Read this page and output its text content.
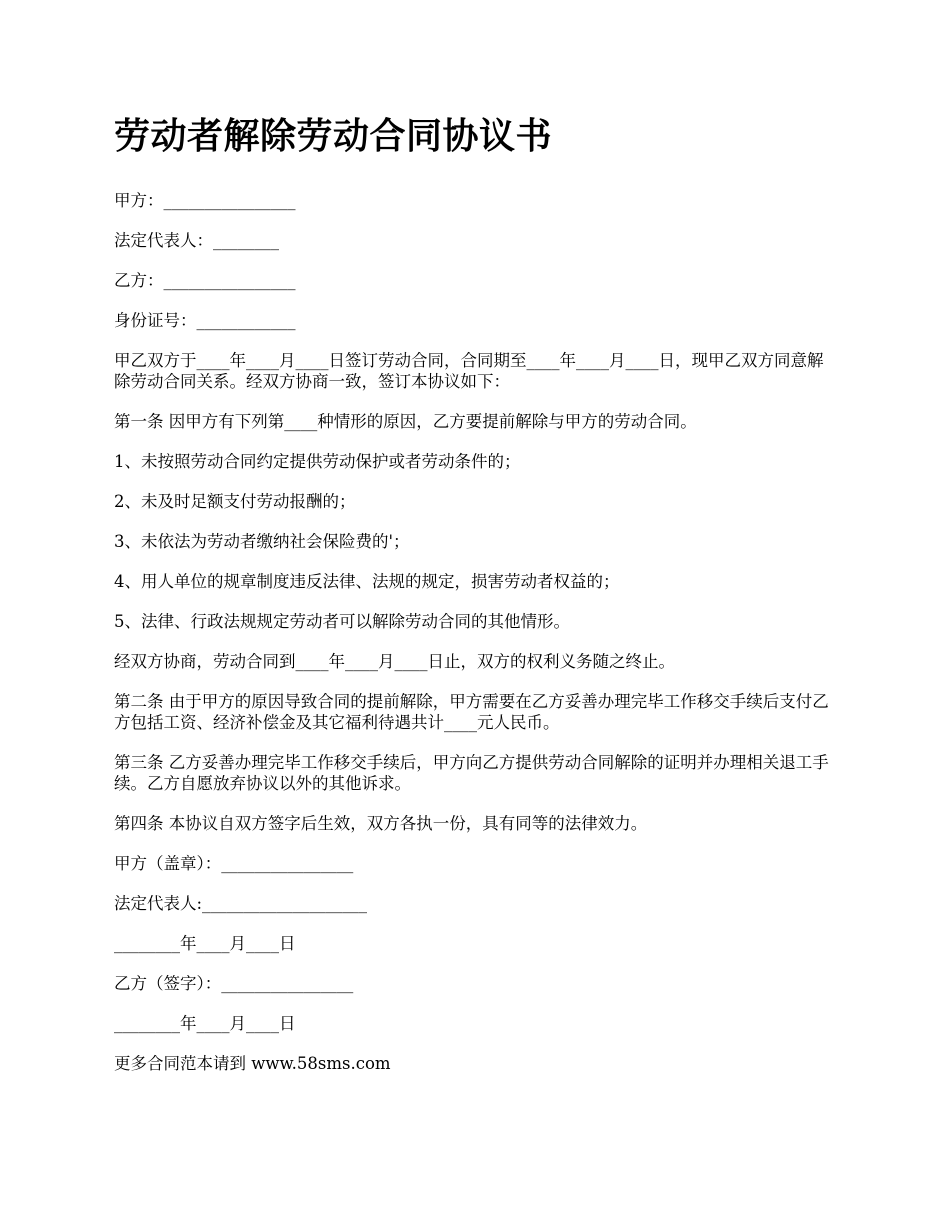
劳动者解除劳动合同协议书

甲方：________________

法定代表人：________

乙方：________________

身份证号：____________

甲乙双方于____年____月____日签订劳动合同，合同期至____年____月____日，现甲乙双方同意解除劳动合同关系。经双方协商一致，签订本协议如下：

第一条 因甲方有下列第____种情形的原因，乙方要提前解除与甲方的劳动合同。

1、未按照劳动合同约定提供劳动保护或者劳动条件的；

2、未及时足额支付劳动报酬的；

3、未依法为劳动者缴纳社会保险费的'；

4、用人单位的规章制度违反法律、法规的规定，损害劳动者权益的；

5、法律、行政法规规定劳动者可以解除劳动合同的其他情形。

经双方协商，劳动合同到____年____月____日止，双方的权利义务随之终止。

第二条 由于甲方的原因导致合同的提前解除，甲方需要在乙方妥善办理完毕工作移交手续后支付乙方包括工资、经济补偿金及其它福利待遇共计____元人民币。

第三条 乙方妥善办理完毕工作移交手续后，甲方向乙方提供劳动合同解除的证明并办理相关退工手续。乙方自愿放弃协议以外的其他诉求。

第四条 本协议自双方签字后生效，双方各执一份，具有同等的法律效力。

甲方（盖章）：________________

法定代表人:____________________

________年____月____日

乙方（签字）：________________

________年____月____日

更多合同范本请到 www.58sms.com
